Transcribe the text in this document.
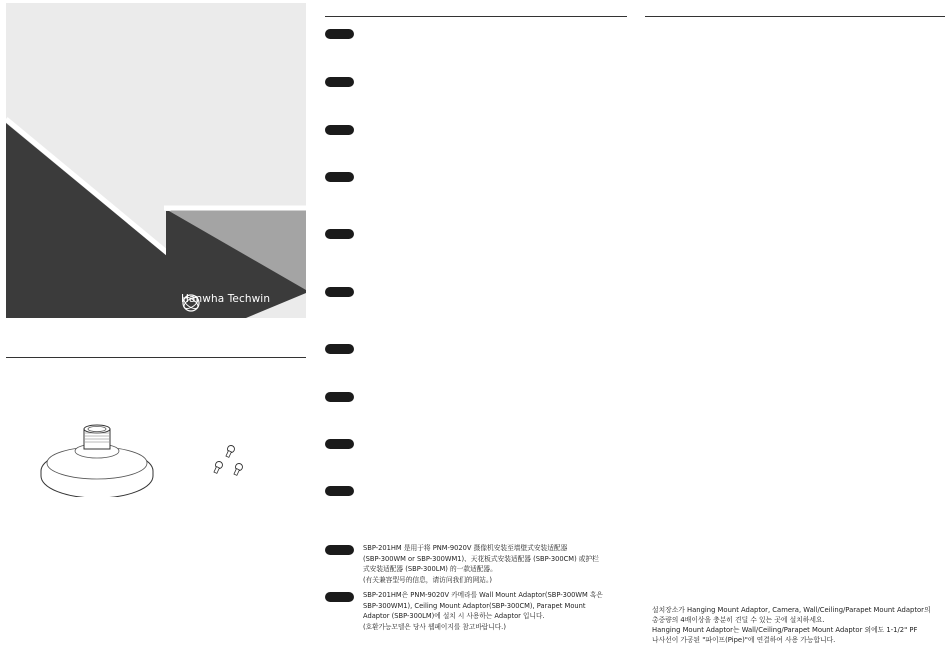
Hanwha Techwin
SBP-201HM 是用于将 PNM-9020V 摄像机安装至墙壁式安装适配器
(SBP-300WM or SBP-300WM1)、天花板式安装适配器 (SBP-300CM) 或护栏
式安装适配器 (SBP-300LM) 的一款适配器。
(有关兼容型号的信息，请访问我们的网站。)
SBP-201HM은 PNM-9020V 카메라를 Wall Mount Adaptor(SBP-300WM 혹은
SBP-300WM1), Ceiling Mount Adaptor(SBP-300CM), Parapet Mount
Adaptor (SBP-300LM)에 설치 시 사용하는 Adaptor 입니다.
(호환가능모델은 당사 웹페이지를 참고바랍니다.)
설치장소가 Hanging Mount Adaptor, Camera, Wall/Ceiling/Parapet Mount Adaptor의
총중량의 4배이상을 충분히 견딜 수 있는 곳에 설치하세요.
Hanging Mount Adaptor는 Wall/Ceiling/Parapet Mount Adaptor 외에도 1-1/2" PF
나사선이 가공된 "파이프(Pipe)"에 연결하여 사용 가능합니다.
